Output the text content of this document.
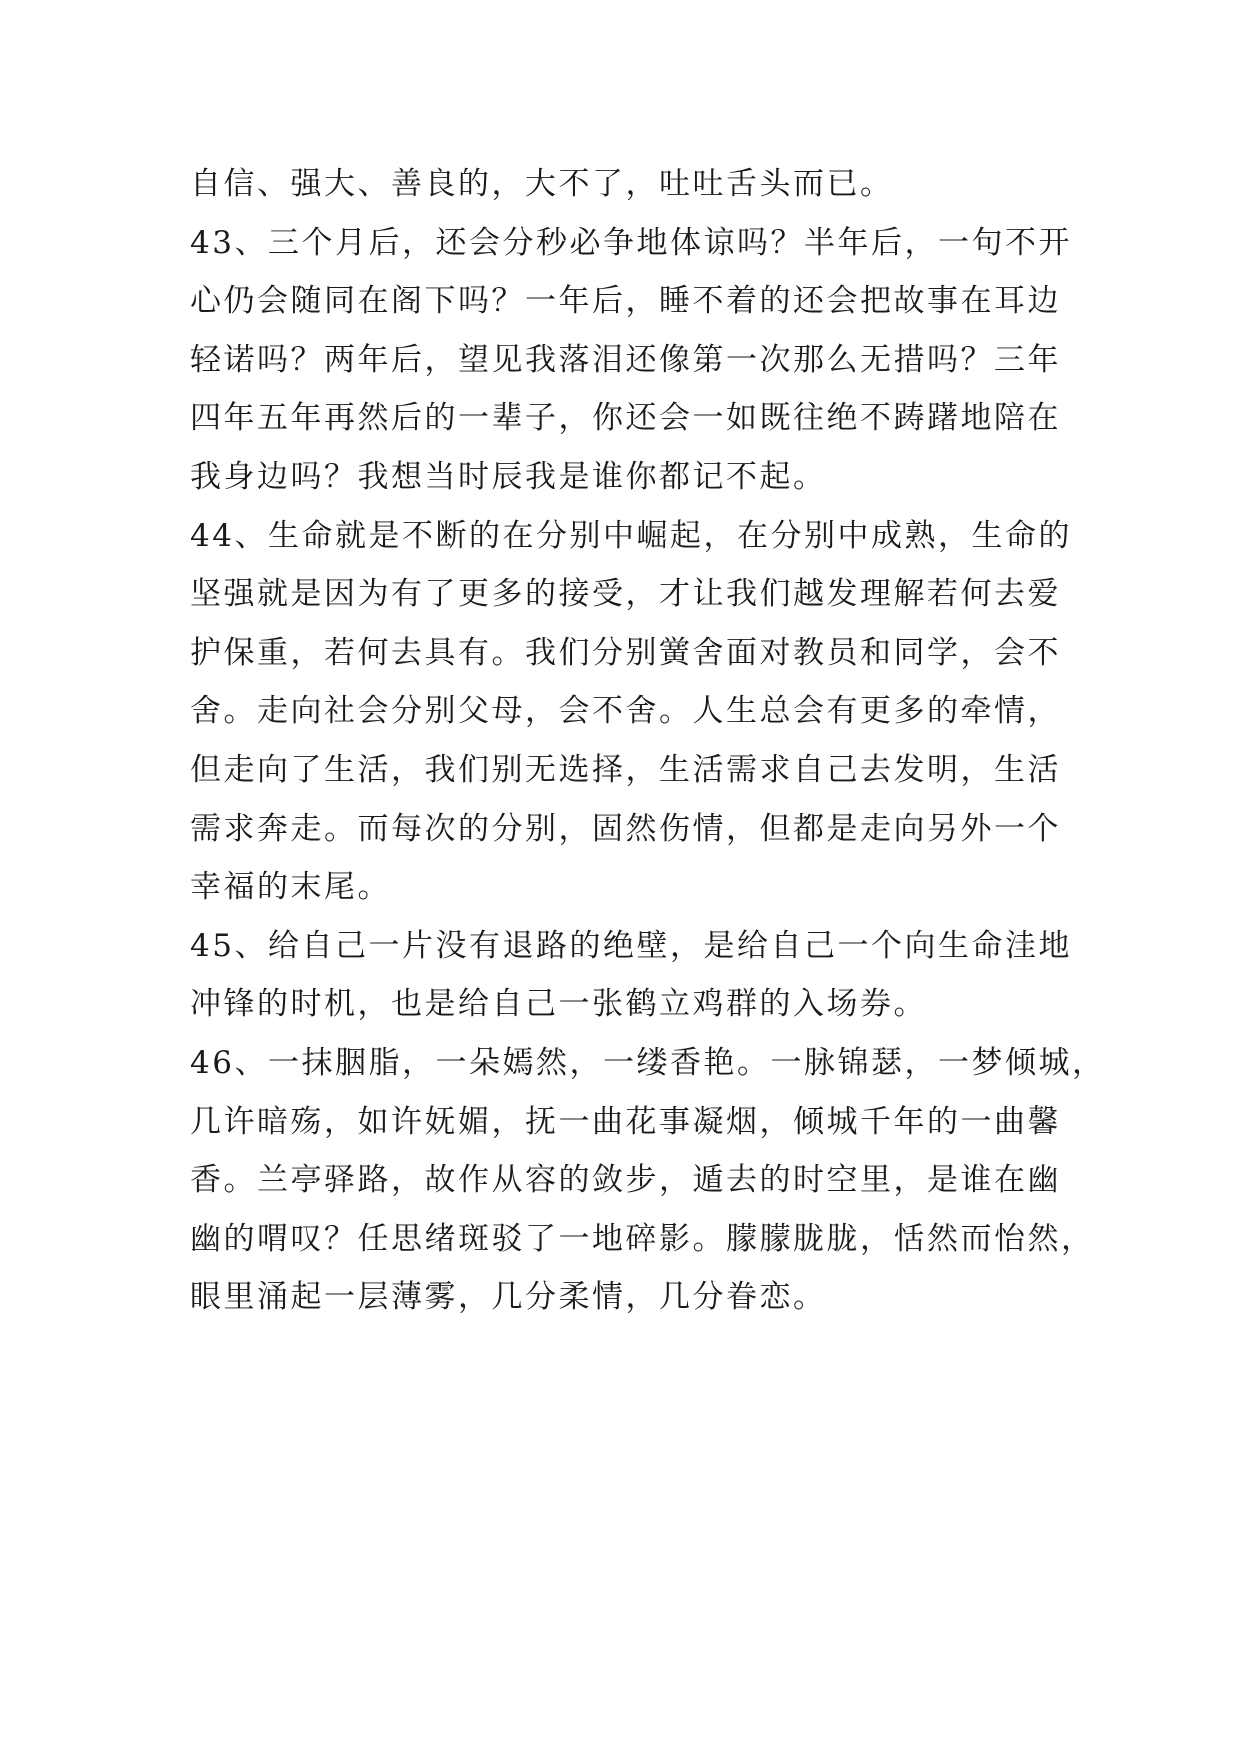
自信、强大、善良的，大不了，吐吐舌头而已。
43、三个月后，还会分秒必争地体谅吗？半年后，一句不开
心仍会随同在阁下吗？一年后，睡不着的还会把故事在耳边
轻诺吗？两年后，望见我落泪还像第一次那么无措吗？三年
四年五年再然后的一辈子，你还会一如既往绝不踌躇地陪在
我身边吗？我想当时辰我是谁你都记不起。
44、生命就是不断的在分别中崛起，在分别中成熟，生命的
坚强就是因为有了更多的接受，才让我们越发理解若何去爱
护保重，若何去具有。我们分别黉舍面对教员和同学，会不
舍。走向社会分别父母，会不舍。人生总会有更多的牵情，
但走向了生活，我们别无选择，生活需求自己去发明，生活
需求奔走。而每次的分别，固然伤情，但都是走向另外一个
幸福的末尾。
45、给自己一片没有退路的绝壁，是给自己一个向生命洼地
冲锋的时机，也是给自己一张鹤立鸡群的入场券。
46、一抹胭脂，一朵嫣然，一缕香艳。一脉锦瑟，一梦倾城，
几许暗殇，如许妩媚，抚一曲花事凝烟，倾城千年的一曲馨
香。兰亭驿路，故作从容的敛步，遁去的时空里，是谁在幽
幽的喟叹？任思绪斑驳了一地碎影。朦朦胧胧，恬然而怡然，
眼里涌起一层薄雾，几分柔情，几分眷恋。
